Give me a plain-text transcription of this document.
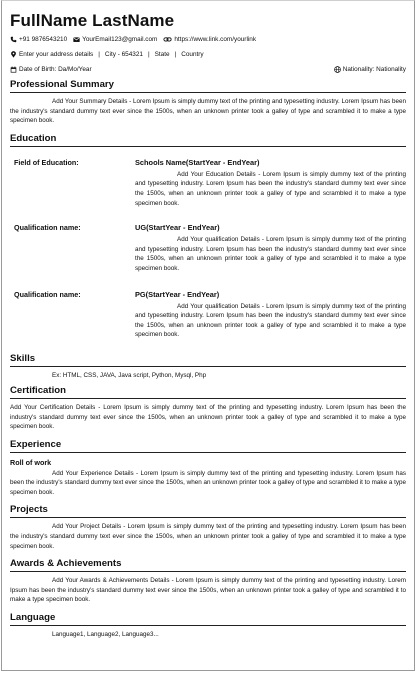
FullName LastName
+91 9876543210 YourEmail123@gmail.com	https://www.link.com/yourlink
Enter your address details | City - 654321 | State | Country
Date of Birth: Da/Mo/Year	Nationality: Nationality
Professional Summary
Add Your Summary Details - Lorem Ipsum is simply dummy text of the printing and typesetting industry. Lorem Ipsum has been the industry's standard dummy text ever since the 1500s, when an unknown printer took a galley of type and scrambled it to make a type specimen book.
Education
Field of Education:	Schools Name(StartYear - EndYear)
Add Your Education Details - Lorem Ipsum is simply dummy text of the printing and typesetting industry. Lorem Ipsum has been the industry's standard dummy text ever since the 1500s, when an unknown printer took a galley of type and scrambled it to make a type specimen book.
Qualification name:	UG(StartYear - EndYear)
Add Your qualification Details - Lorem Ipsum is simply dummy text of the printing and typesetting industry. Lorem Ipsum has been the industry's standard dummy text ever since the 1500s, when an unknown printer took a galley of type and scrambled it to make a type specimen book.
Qualification name:	PG(StartYear - EndYear)
Add Your qualification Details - Lorem Ipsum is simply dummy text of the printing and typesetting industry. Lorem Ipsum has been the industry's standard dummy text ever since the 1500s, when an unknown printer took a galley of type and scrambled it to make a type specimen book.
Skills
Ex: HTML, CSS, JAVA, Java script, Python, Mysql, Php
Certification
Add Your Certification Details - Lorem Ipsum is simply dummy text of the printing and typesetting industry. Lorem Ipsum has been the industry's standard dummy text ever since the 1500s, when an unknown printer took a galley of type and scrambled it to make a type specimen book.
Experience
Roll of work
Add Your Experience Details - Lorem Ipsum is simply dummy text of the printing and typesetting industry. Lorem Ipsum has been the industry's standard dummy text ever since the 1500s, when an unknown printer took a galley of type and scrambled it to make a type specimen book.
Projects
Add Your Project Details - Lorem Ipsum is simply dummy text of the printing and typesetting industry. Lorem Ipsum has been the industry's standard dummy text ever since the 1500s, when an unknown printer took a galley of type and scrambled it to make a type specimen book.
Awards & Achievements
Add Your Awards & Achievements Details - Lorem Ipsum is simply dummy text of the printing and typesetting industry. Lorem Ipsum has been the industry's standard dummy text ever since the 1500s, when an unknown printer took a galley of type and scrambled it to make a type specimen book.
Language
Language1, Language2, Language3...
